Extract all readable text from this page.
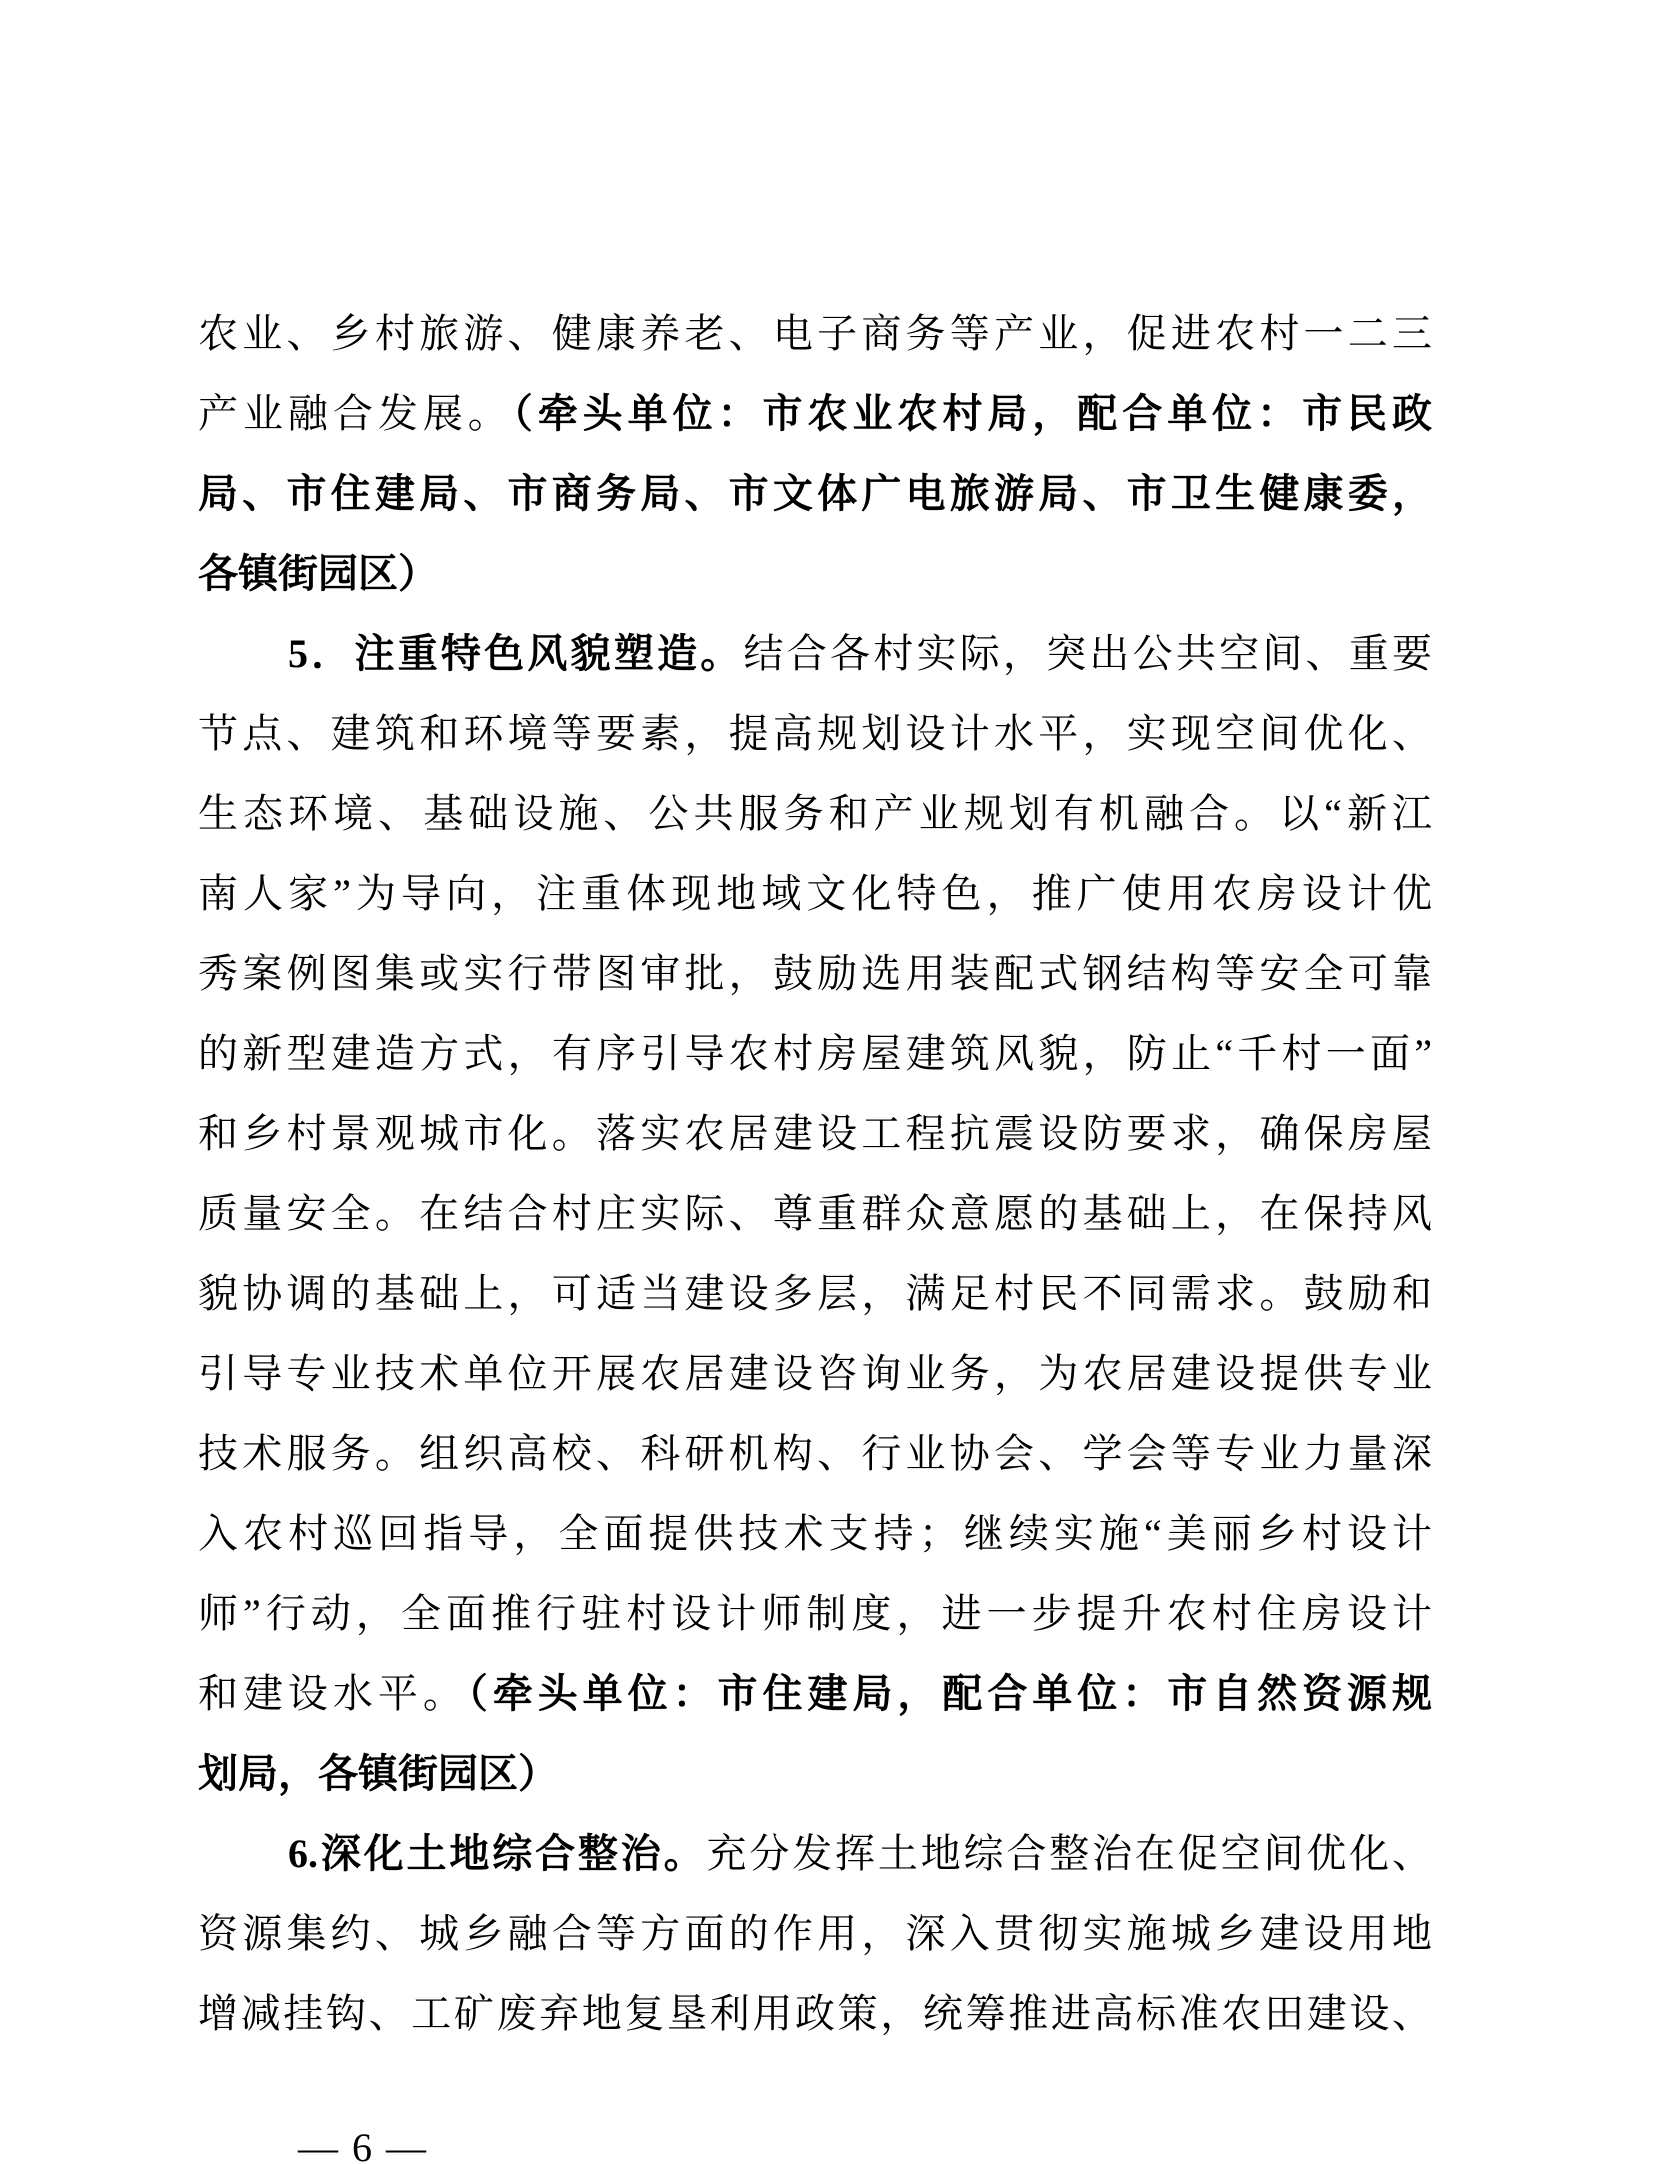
农业、乡村旅游、健康养老、电子商务等产业，促进农村一二三
产业融合发展。（牵头单位：市农业农村局，配合单位：市民政
局、市住建局、市商务局、市文体广电旅游局、市卫生健康委，
各镇街园区）
5．注重特色风貌塑造。结合各村实际，突出公共空间、重要
节点、建筑和环境等要素，提高规划设计水平，实现空间优化、
生态环境、基础设施、公共服务和产业规划有机融合。以“新江
南人家”为导向，注重体现地域文化特色，推广使用农房设计优
秀案例图集或实行带图审批，鼓励选用装配式钢结构等安全可靠
的新型建造方式，有序引导农村房屋建筑风貌，防止“千村一面”
和乡村景观城市化。落实农居建设工程抗震设防要求，确保房屋
质量安全。在结合村庄实际、尊重群众意愿的基础上，在保持风
貌协调的基础上，可适当建设多层，满足村民不同需求。鼓励和
引导专业技术单位开展农居建设咨询业务，为农居建设提供专业
技术服务。组织高校、科研机构、行业协会、学会等专业力量深
入农村巡回指导，全面提供技术支持；继续实施“美丽乡村设计
师”行动，全面推行驻村设计师制度，进一步提升农村住房设计
和建设水平。（牵头单位：市住建局，配合单位：市自然资源规
划局，各镇街园区）
6.深化土地综合整治。充分发挥土地综合整治在促空间优化、
资源集约、城乡融合等方面的作用，深入贯彻实施城乡建设用地
增减挂钩、工矿废弃地复垦利用政策，统筹推进高标准农田建设、

— 6 —
